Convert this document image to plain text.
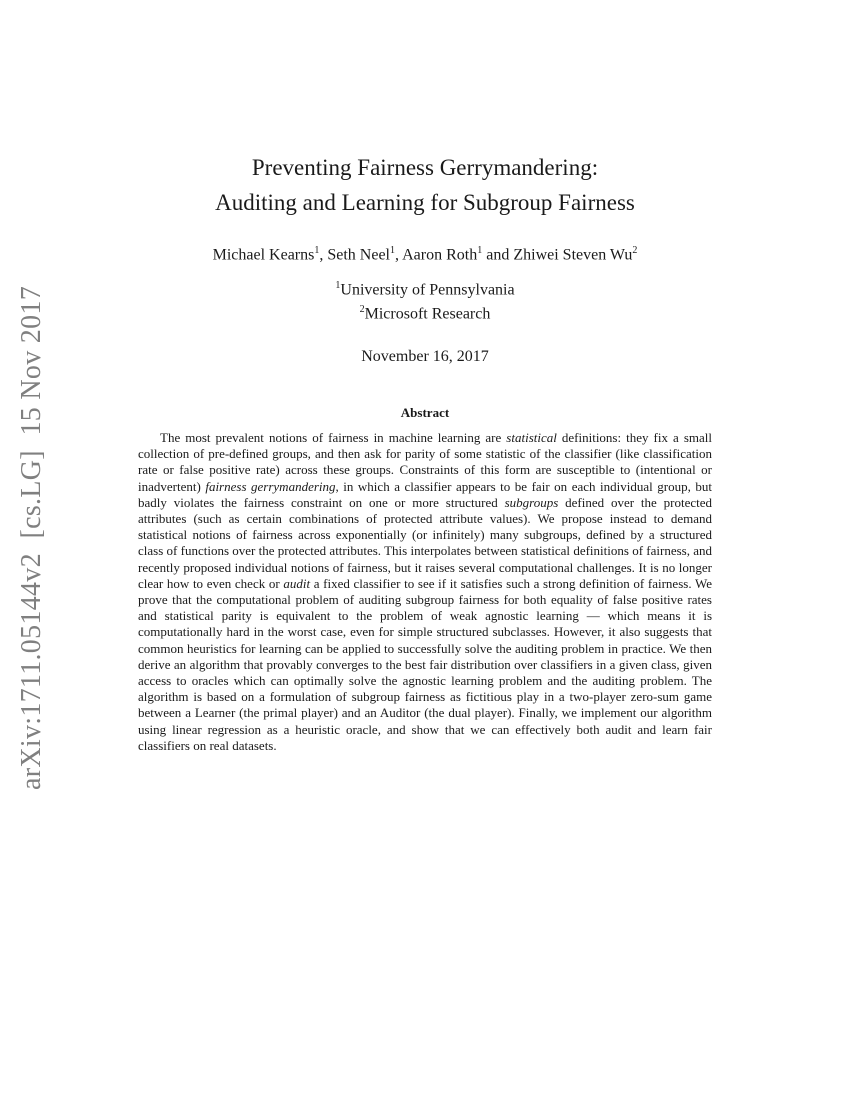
arXiv:1711.05144v2  [cs.LG]  15 Nov 2017
Preventing Fairness Gerrymandering:
Auditing and Learning for Subgroup Fairness
Michael Kearns$^1$, Seth Neel$^1$, Aaron Roth$^1$ and Zhiwei Steven Wu$^2$
$^1$University of Pennsylvania
$^2$Microsoft Research
November 16, 2017
Abstract

The most prevalent notions of fairness in machine learning are statistical definitions: they fix a small collection of pre-defined groups, and then ask for parity of some statistic of the classifier (like classification rate or false positive rate) across these groups. Constraints of this form are susceptible to (intentional or inadvertent) fairness gerrymandering, in which a classifier appears to be fair on each individual group, but badly violates the fairness constraint on one or more structured subgroups defined over the protected attributes (such as certain combinations of protected attribute values). We propose instead to demand statistical notions of fairness across exponentially (or infinitely) many subgroups, defined by a structured class of functions over the protected attributes. This interpolates between statistical definitions of fairness, and recently proposed individual notions of fairness, but it raises several computational challenges. It is no longer clear how to even check or audit a fixed classifier to see if it satisfies such a strong definition of fairness. We prove that the computational problem of auditing subgroup fairness for both equality of false positive rates and statistical parity is equivalent to the problem of weak agnostic learning — which means it is computationally hard in the worst case, even for simple structured subclasses. However, it also suggests that common heuristics for learning can be applied to successfully solve the auditing problem in practice. We then derive an algorithm that provably converges to the best fair distribution over classifiers in a given class, given access to oracles which can optimally solve the agnostic learning problem and the auditing problem. The algorithm is based on a formulation of subgroup fairness as fictitious play in a two-player zero-sum game between a Learner (the primal player) and an Auditor (the dual player). Finally, we implement our algorithm using linear regression as a heuristic oracle, and show that we can effectively both audit and learn fair classifiers on real datasets.
